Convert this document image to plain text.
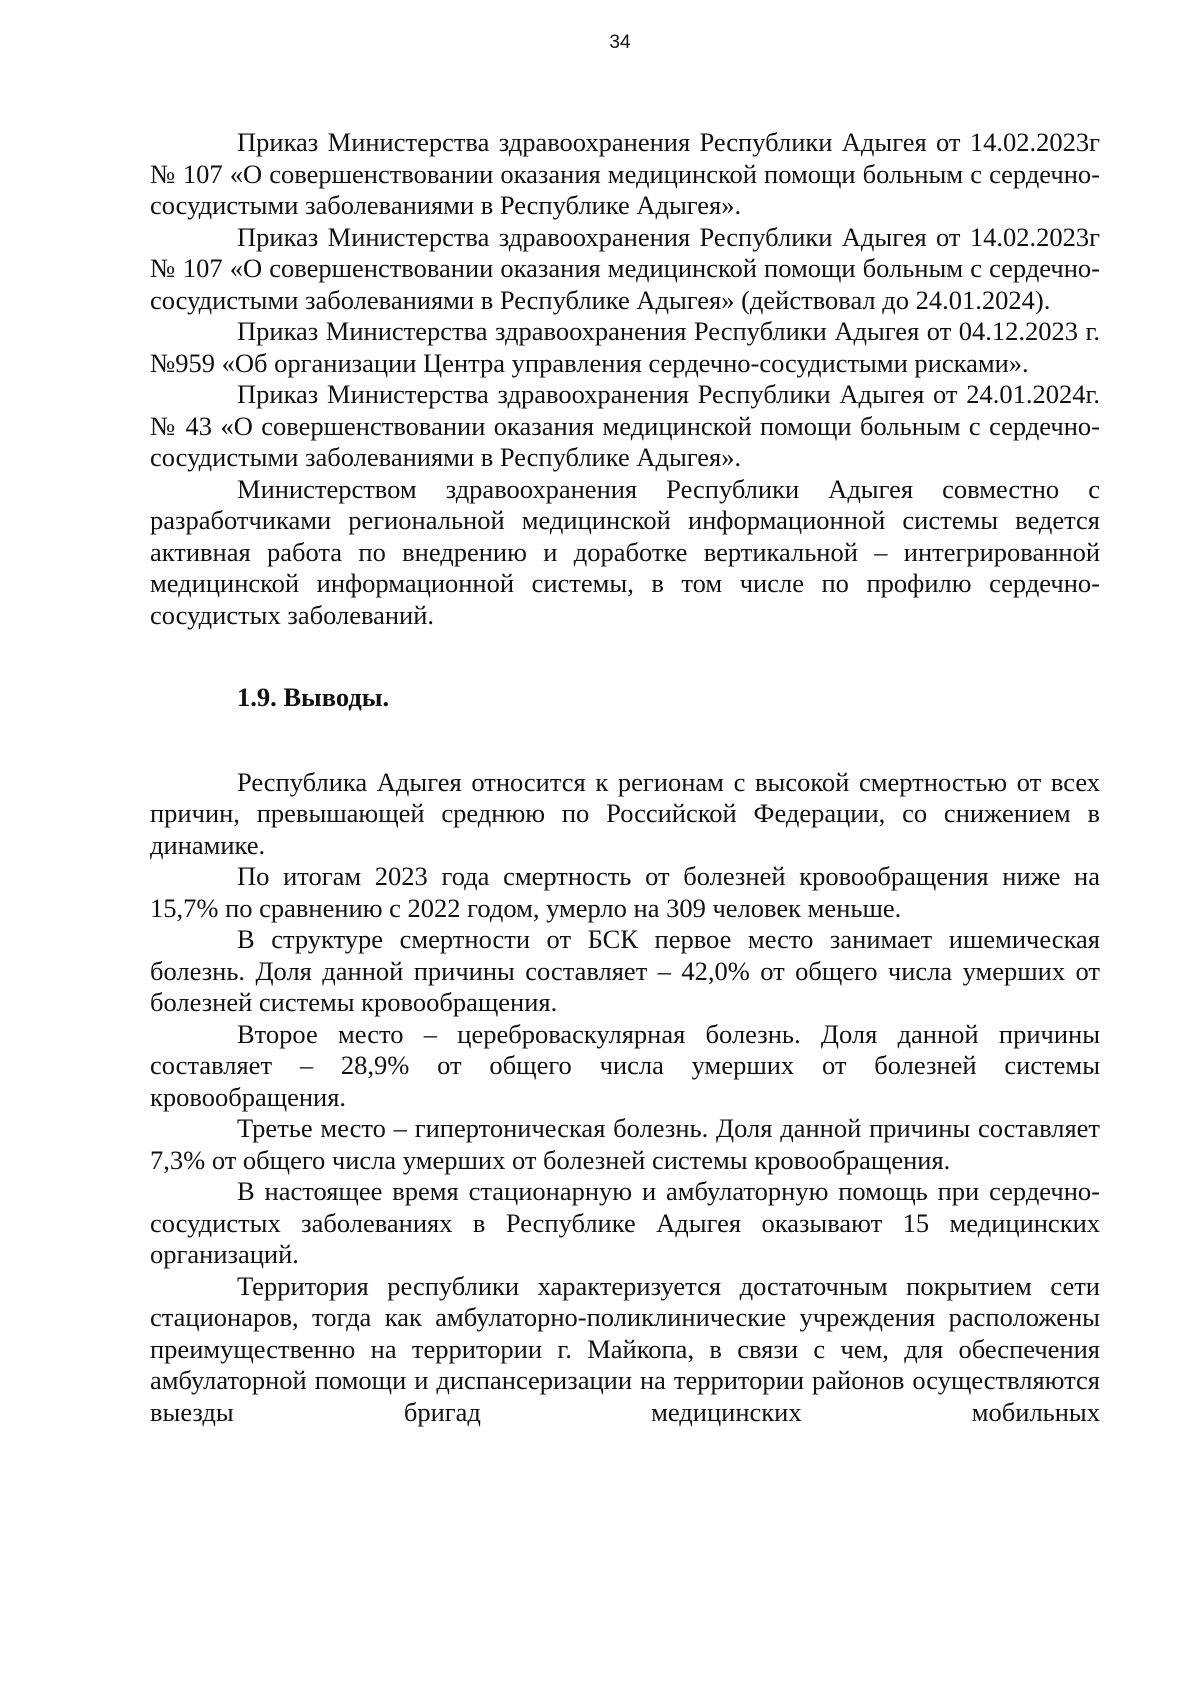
34

Приказ Министерства здравоохранения Республики Адыгея от 14.02.2023г № 107 «О совершенствовании оказания медицинской помощи больным с сердечно-сосудистыми заболеваниями в Республике Адыгея».

Приказ Министерства здравоохранения Республики Адыгея от 14.02.2023г № 107 «О совершенствовании оказания медицинской помощи больным с сердечно-сосудистыми заболеваниями в Республике Адыгея» (действовал до 24.01.2024).

Приказ Министерства здравоохранения Республики Адыгея от 04.12.2023 г. №959 «Об организации Центра управления сердечно-сосудистыми рисками».

Приказ Министерства здравоохранения Республики Адыгея от 24.01.2024г. № 43 «О совершенствовании оказания медицинской помощи больным с сердечно-сосудистыми заболеваниями в Республике Адыгея».

Министерством здравоохранения Республики Адыгея совместно с разработчиками региональной медицинской информационной системы ведется активная работа по внедрению и доработке вертикальной – интегрированной медицинской информационной системы, в том числе по профилю сердечно-сосудистых заболеваний.

1.9. Выводы.

Республика Адыгея относится к регионам с высокой смертностью от всех причин, превышающей среднюю по Российской Федерации, со снижением в динамике.

По итогам 2023 года смертность от болезней кровообращения ниже на 15,7% по сравнению с 2022 годом, умерло на 309 человек меньше.

В структуре смертности от БСК первое место занимает ишемическая болезнь. Доля данной причины составляет – 42,0% от общего числа умерших от болезней системы кровообращения.

Второе место – цереброваскулярная болезнь. Доля данной причины составляет – 28,9% от общего числа умерших от болезней системы кровообращения.

Третье место – гипертоническая болезнь. Доля данной причины составляет 7,3% от общего числа умерших от болезней системы кровообращения.

В настоящее время стационарную и амбулаторную помощь при сердечно-сосудистых заболеваниях в Республике Адыгея оказывают 15 медицинских организаций.

Территория республики характеризуется достаточным покрытием сети стационаров, тогда как амбулаторно-поликлинические учреждения расположены преимущественно на территории г. Майкопа, в связи с чем, для обеспечения амбулаторной помощи и диспансеризации на территории районов осуществляются выезды бригад медицинских мобильных
